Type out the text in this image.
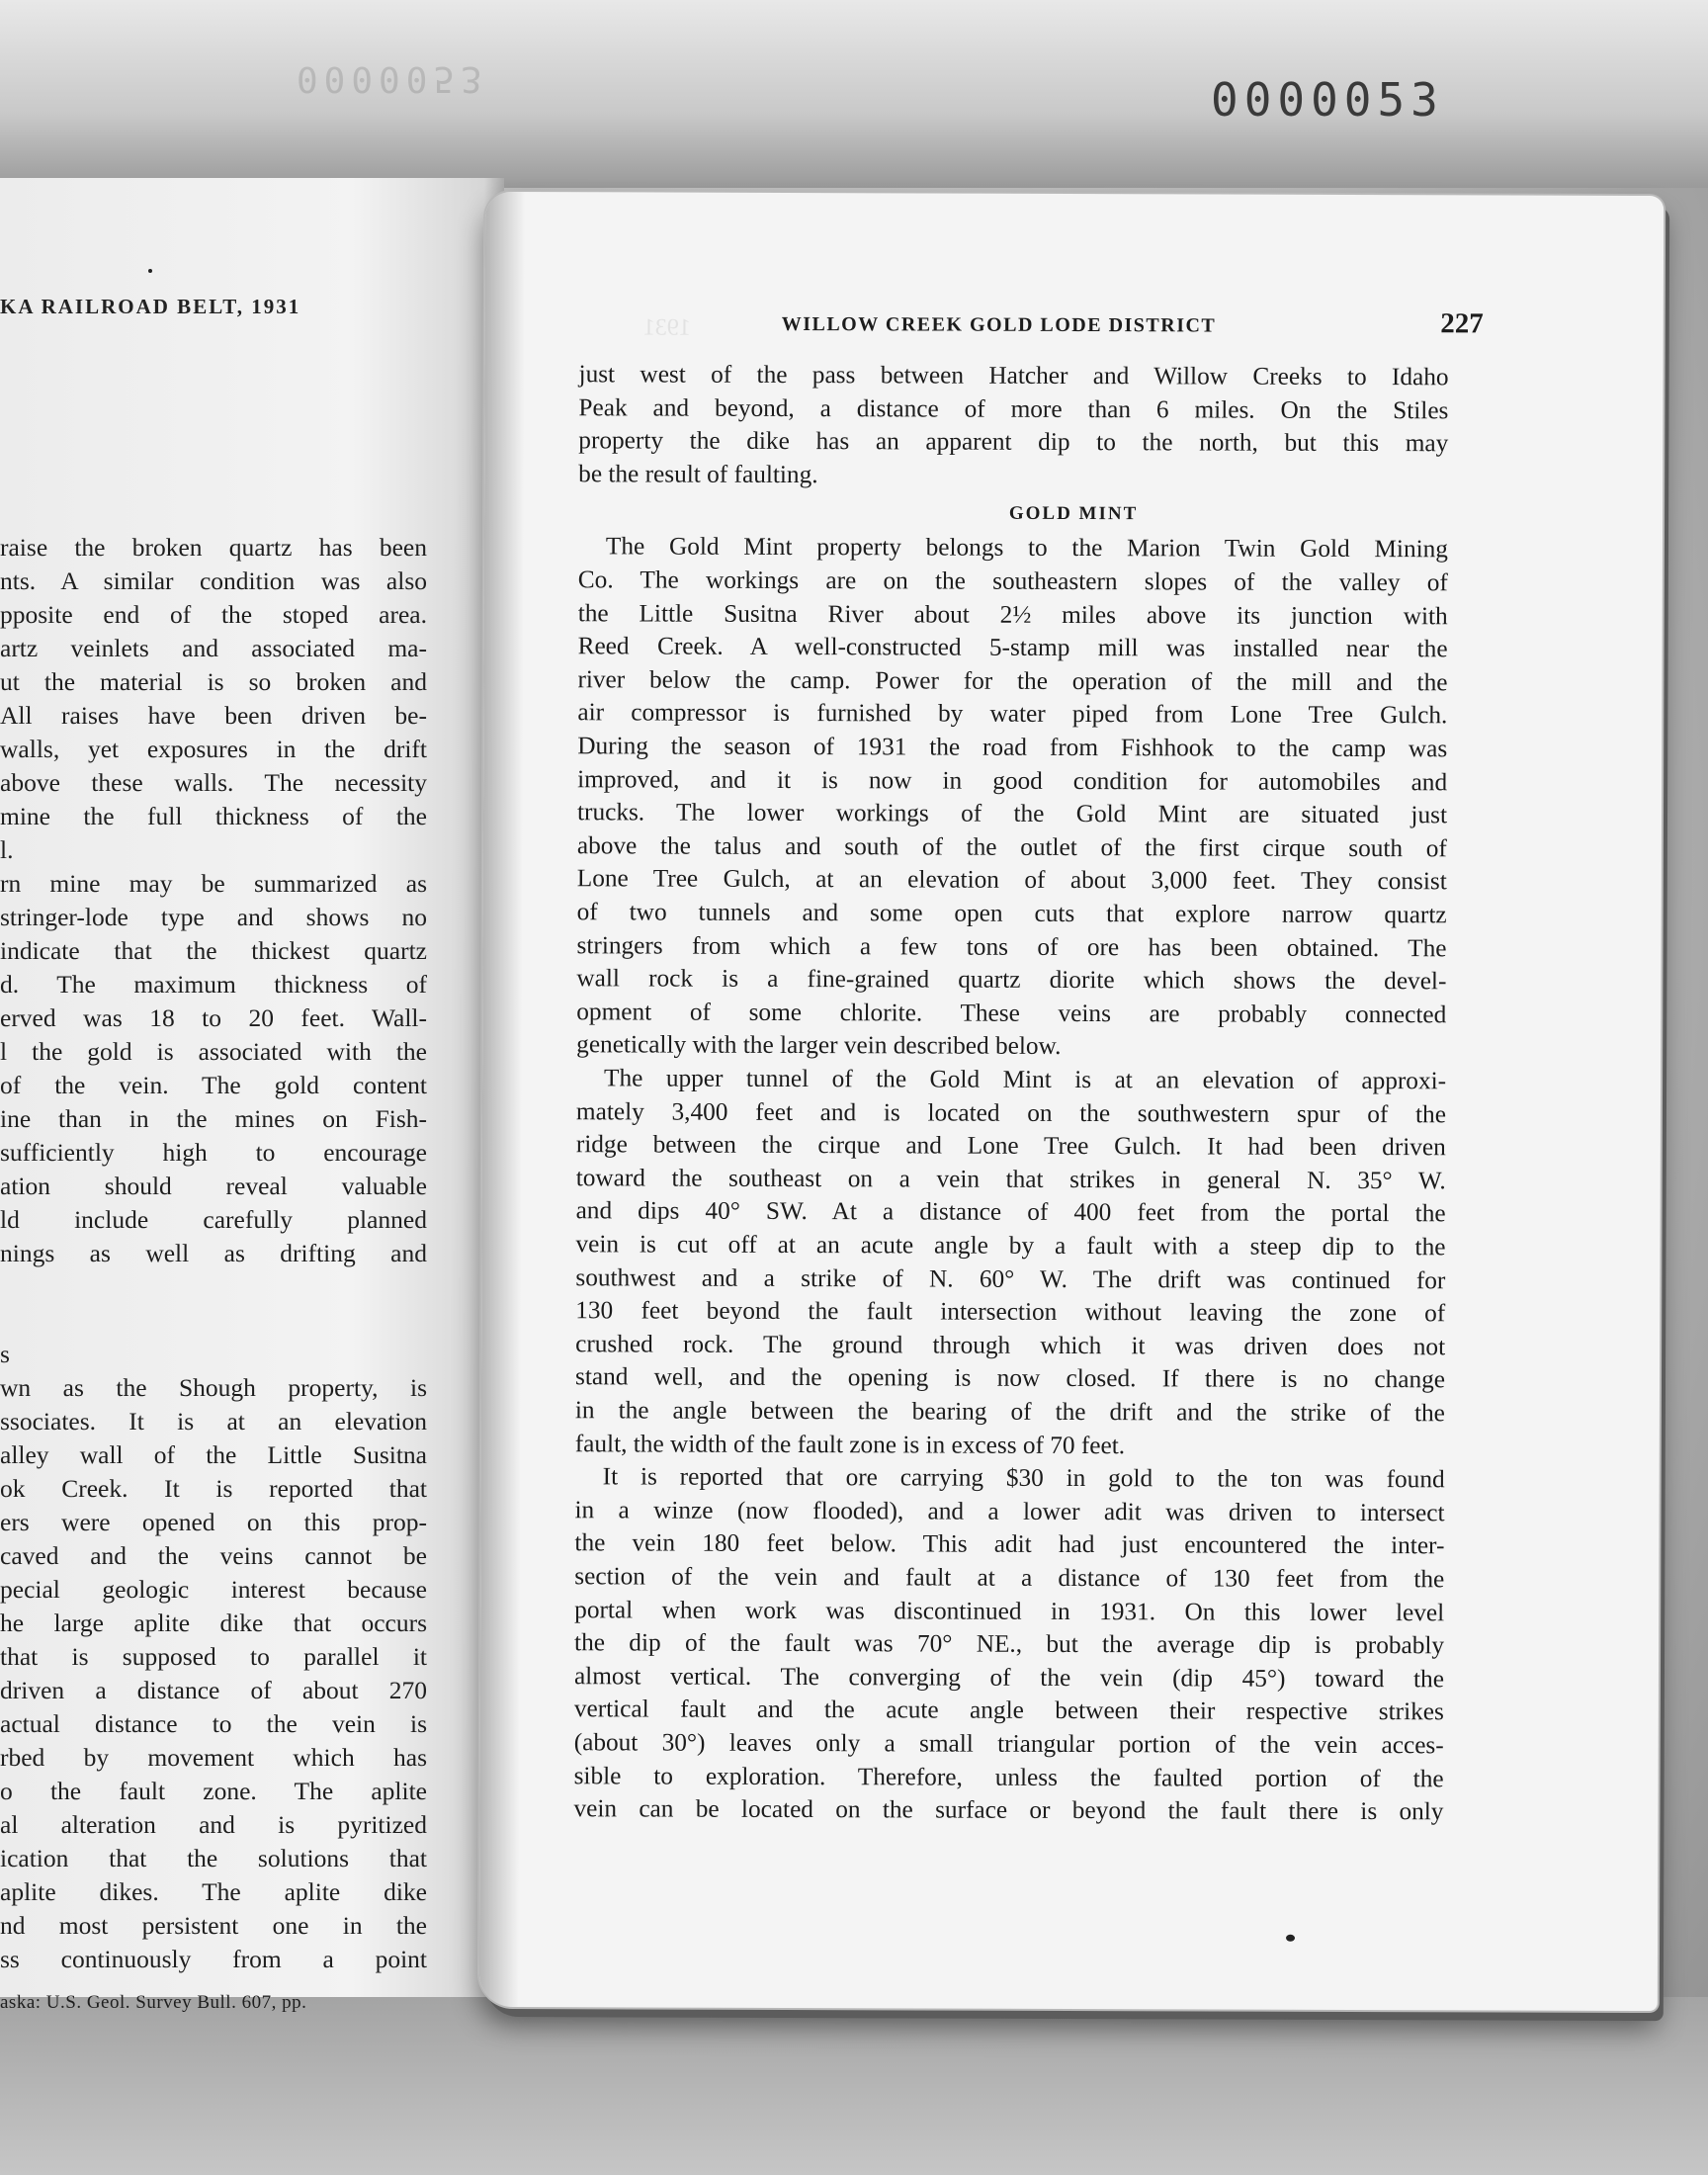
0000053	0000053
KA RAILROAD BELT, 1931
raise the broken quartz has been
nts. A similar condition was also
pposite end of the stoped area.
artz veinlets and associated ma-
ut the material is so broken and
All raises have been driven be-
walls, yet exposures in the drift
above these walls. The necessity
mine the full thickness of the
l.
rn mine may be summarized as
stringer-lode type and shows no
indicate that the thickest quartz
d. The maximum thickness of
erved was 18 to 20 feet. Wall-
l the gold is associated with the
of the vein. The gold content
ine than in the mines on Fish-
sufficiently high to encourage
ation should reveal valuable
ld include carefully planned
nings as well as drifting and
s
wn as the Shough property, is
ssociates. It is at an elevation
alley wall of the Little Susitna
ok Creek. It is reported that
ers were opened on this prop-
caved and the veins cannot be
pecial geologic interest because
he large aplite dike that occurs
that is supposed to parallel it
driven a distance of about 270
actual distance to the vein is
rbed by movement which has
o the fault zone. The aplite
al alteration and is pyritized
ication that the solutions that
aplite dikes. The aplite dike
nd most persistent one in the
ss continuously from a point
aska: U.S. Geol. Survey Bull. 607, pp.
1931	WILLOW CREEK GOLD LODE DISTRICT	227
GOLD MINT
just west of the pass between Hatcher and Willow Creeks to Idaho
Peak and beyond, a distance of more than 6 miles. On the Stiles
property the dike has an apparent dip to the north, but this may
be the result of faulting.
The Gold Mint property belongs to the Marion Twin Gold Mining
Co. The workings are on the southeastern slopes of the valley of
the Little Susitna River about 2½ miles above its junction with
Reed Creek. A well-constructed 5-stamp mill was installed near the
river below the camp. Power for the operation of the mill and the
air compressor is furnished by water piped from Lone Tree Gulch.
During the season of 1931 the road from Fishhook to the camp was
improved, and it is now in good condition for automobiles and
trucks. The lower workings of the Gold Mint are situated just
above the talus and south of the outlet of the first cirque south of
Lone Tree Gulch, at an elevation of about 3,000 feet. They consist
of two tunnels and some open cuts that explore narrow quartz
stringers from which a few tons of ore has been obtained. The
wall rock is a fine-grained quartz diorite which shows the devel-
opment of some chlorite. These veins are probably connected
genetically with the larger vein described below.
The upper tunnel of the Gold Mint is at an elevation of approxi-
mately 3,400 feet and is located on the southwestern spur of the
ridge between the cirque and Lone Tree Gulch. It had been driven
toward the southeast on a vein that strikes in general N. 35° W.
and dips 40° SW. At a distance of 400 feet from the portal the
vein is cut off at an acute angle by a fault with a steep dip to the
southwest and a strike of N. 60° W. The drift was continued for
130 feet beyond the fault intersection without leaving the zone of
crushed rock. The ground through which it was driven does not
stand well, and the opening is now closed. If there is no change
in the angle between the bearing of the drift and the strike of the
fault, the width of the fault zone is in excess of 70 feet.
It is reported that ore carrying $30 in gold to the ton was found
in a winze (now flooded), and a lower adit was driven to intersect
the vein 180 feet below. This adit had just encountered the inter-
section of the vein and fault at a distance of 130 feet from the
portal when work was discontinued in 1931. On this lower level
the dip of the fault was 70° NE., but the average dip is probably
almost vertical. The converging of the vein (dip 45°) toward the
vertical fault and the acute angle between their respective strikes
(about 30°) leaves only a small triangular portion of the vein acces-
sible to exploration. Therefore, unless the faulted portion of the
vein can be located on the surface or beyond the fault there is only
